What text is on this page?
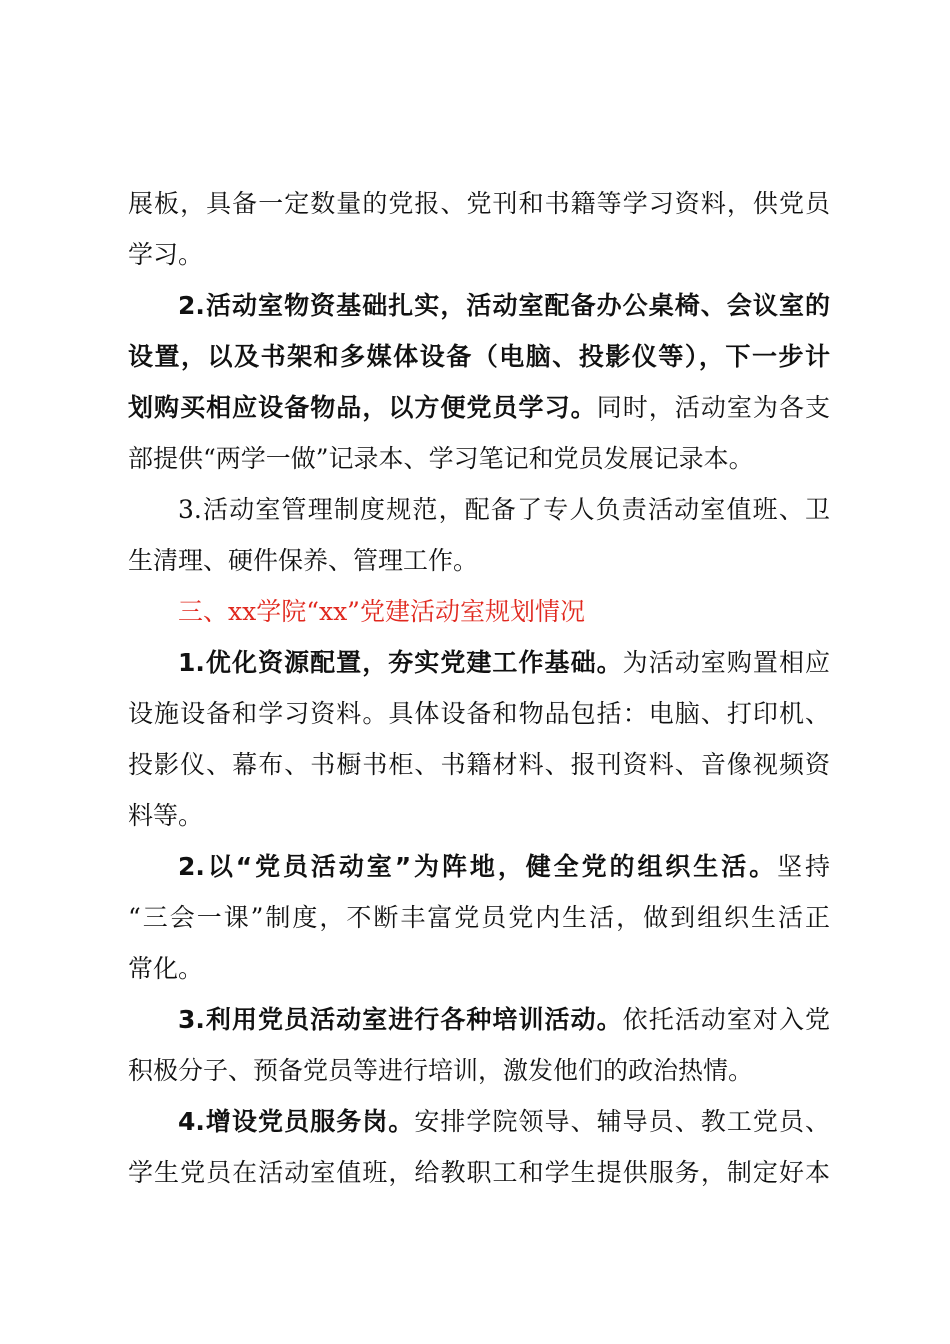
展板，具备一定数量的党报、党刊和书籍等学习资料，供党员
学习。
2.活动室物资基础扎实，活动室配备办公桌椅、会议室的
设置，以及书架和多媒体设备（电脑、投影仪等），下一步计
划购买相应设备物品，以方便党员学习。同时，活动室为各支
部提供“两学一做”记录本、学习笔记和党员发展记录本。
3.活动室管理制度规范，配备了专人负责活动室值班、卫
生清理、硬件保养、管理工作。
三、xx学院“xx”党建活动室规划情况
1.优化资源配置，夯实党建工作基础。为活动室购置相应
设施设备和学习资料。具体设备和物品包括：电脑、打印机、
投影仪、幕布、书橱书柜、书籍材料、报刊资料、音像视频资
料等。
2.以“党员活动室”为阵地，健全党的组织生活。坚持
“三会一课”制度，不断丰富党员党内生活，做到组织生活正
常化。
3.利用党员活动室进行各种培训活动。依托活动室对入党
积极分子、预备党员等进行培训，激发他们的政治热情。
4.增设党员服务岗。安排学院领导、辅导员、教工党员、
学生党员在活动室值班，给教职工和学生提供服务，制定好本
